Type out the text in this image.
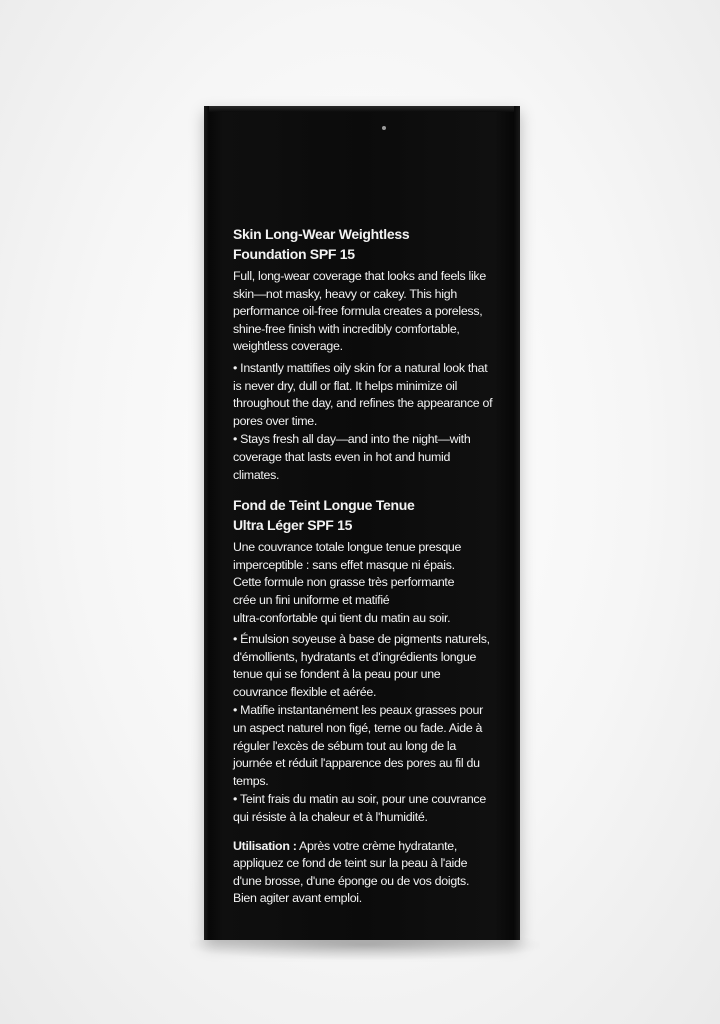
Skin Long-Wear Weightless
Foundation SPF 15
Full, long-wear coverage that looks and feels like skin—not masky, heavy or cakey. This high performance oil-free formula creates a poreless, shine-free finish with incredibly comfortable, weightless coverage.
• Instantly mattifies oily skin for a natural look that is never dry, dull or flat. It helps minimize oil throughout the day, and refines the appearance of pores over time.
• Stays fresh all day—and into the night—with coverage that lasts even in hot and humid climates.
Fond de Teint Longue Tenue
Ultra Léger SPF 15
Une couvrance totale longue tenue presque
imperceptible : sans effet masque ni épais.
Cette formule non grasse très performante
crée un fini uniforme et matifié
ultra-confortable qui tient du matin au soir.
• Émulsion soyeuse à base de pigments naturels, d'émollients, hydratants et d'ingrédients longue tenue qui se fondent à la peau pour une couvrance flexible et aérée.
• Matifie instantanément les peaux grasses pour un aspect naturel non figé, terne ou fade. Aide à réguler l'excès de sébum tout au long de la journée et réduit l'apparence des pores au fil du temps.
• Teint frais du matin au soir, pour une couvrance qui résiste à la chaleur et à l'humidité.
Utilisation : Après votre crème hydratante, appliquez ce fond de teint sur la peau à l'aide d'une brosse, d'une éponge ou de vos doigts. Bien agiter avant emploi.
